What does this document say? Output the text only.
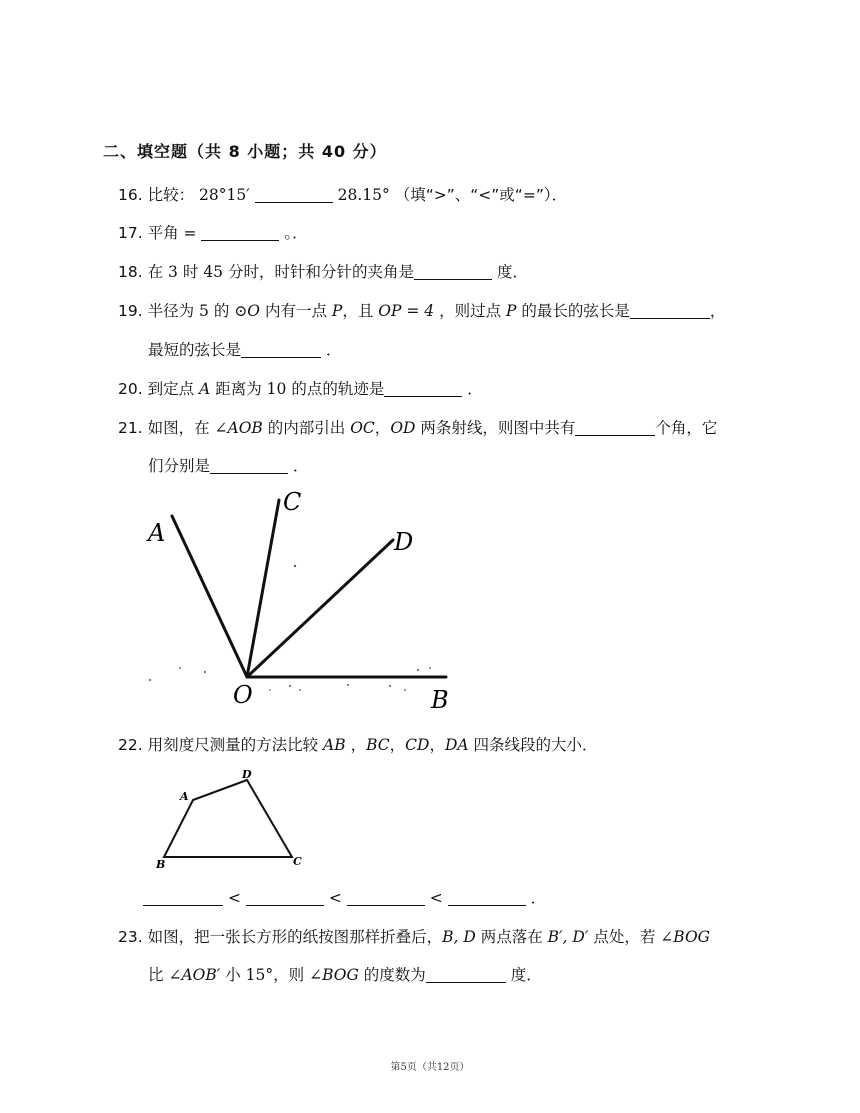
二、填空题（共 8 小题；共 40 分）
16. 比较： 28°15′	28.15° （填“>”、“<”或“=”）．
17. 平角 =	。．
18. 在 3 时 45 分时，时针和分针的夹角是	度．
19. 半径为 5 的 ⊙O 内有一点 P，且 OP = 4 ，则过点 P 的最长的弦长是	，
最短的弦长是	．
20. 到定点 A 距离为 10 的点的轨迹是	．
21. 如图，在 ∠AOB 的内部引出 OC，OD 两条射线，则图中共有	个角，它
们分别是	．
A
C
D
O	B
22. 用刻度尺测量的方法比较 AB ，BC，CD，DA 四条线段的大小．
A
D
B	C
<	<	<	．
23. 如图，把一张长方形的纸按图那样折叠后，B, D 两点落在 B′, D′ 点处，若 ∠BOG
比 ∠AOB′ 小 15°，则 ∠BOG 的度数为	度．
第5页（共12页）
